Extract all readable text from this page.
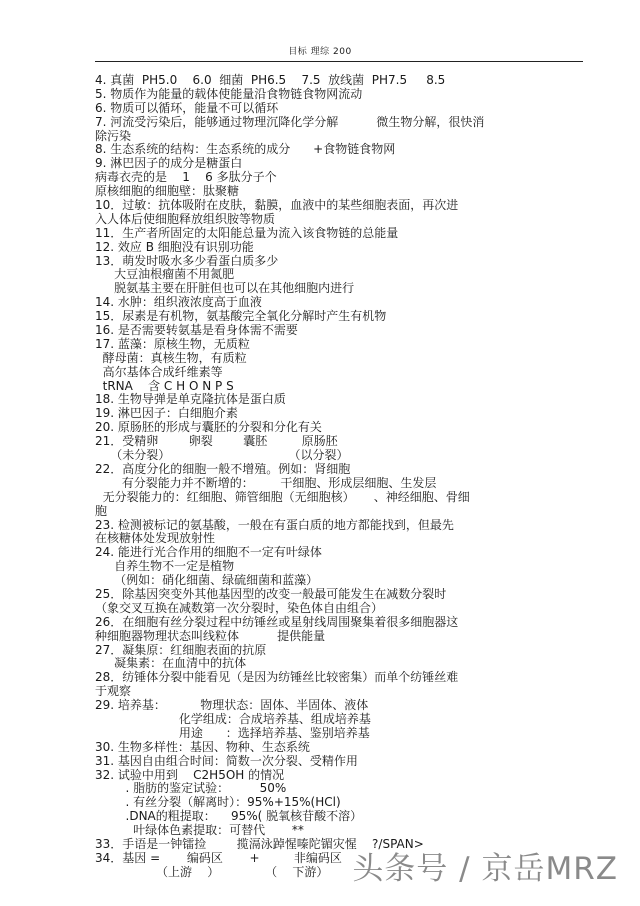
目标 理综 200
4. 真菌  PH5.0    6.0  细菌  PH6.5    7.5  放线菌  PH7.5     8.5
5. 物质作为能量的载体使能量沿食物链食物网流动
6. 物质可以循环，能量不可以循环
7. 河流受污染后，能够通过物理沉降化学分解          微生物分解，很快消
除污染
8. 生态系统的结构：生态系统的成分      +食物链食物网
9. 淋巴因子的成分是糖蛋白
病毒衣壳的是    1    6 多肽分子个
原核细胞的细胞壁：肽聚糖
10．过敏：抗体吸附在皮肤，黏膜，血液中的某些细胞表面，再次进
入人体后使细胞释放组织胺等物质
11．生产者所固定的太阳能总量为流入该食物链的总能量
12. 效应 B 细胞没有识别功能
13．萌发时吸水多少看蛋白质多少
大豆油根瘤菌不用氮肥
脱氨基主要在肝脏但也可以在其他细胞内进行
14. 水肿：组织液浓度高于血液
15．尿素是有机物，氨基酸完全氧化分解时产生有机物
16. 是否需要转氨基是看身体需不需要
17. 蓝藻：原核生物，无质粒
酵母菌：真核生物，有质粒
高尔基体合成纤维素等
tRNA    含 C H O N P S
18. 生物导弹是单克隆抗体是蛋白质
19. 淋巴因子：白细胞介素
20. 原肠胚的形成与囊胚的分裂和分化有关
21．受精卵        卵裂        囊胚         原肠胚
（未分裂）                               （以分裂）
22．高度分化的细胞一般不增殖。例如：肾细胞
有分裂能力并不断增的：       干细胞、形成层细胞、生发层
无分裂能力的：红细胞、筛管细胞（无细胞核）     、神经细胞、骨细
胞
23. 检测被标记的氨基酸，一般在有蛋白质的地方都能找到，但最先
在核糖体处发现放射性
24. 能进行光合作用的细胞不一定有叶绿体
自养生物不一定是植物
（例如：硝化细菌、绿硫细菌和蓝藻）
25．除基因突变外其他基因型的改变一般最可能发生在减数分裂时
（象交叉互换在减数第一次分裂时，染色体自由组合）
26．在细胞有丝分裂过程中纺锤丝或星射线周围聚集着很多细胞器这
种细胞器物理状态叫线粒体          提供能量
27．凝集原：红细胞表面的抗原
凝集素：在血清中的抗体
28．纺锤体分裂中能看见（是因为纺锤丝比较密集）而单个纺锤丝难
于观察
29. 培养基：         物理状态：固体、半固体、液体
化学组成：合成培养基、组成培养基
用途      ：选择培养基、鉴别培养基
30. 生物多样性：基因、物种、生态系统
31. 基因自由组合时间：简数一次分裂、受精作用
32. 试验中用到    C2H5OH 的情况
. 脂肪的鉴定试验：        50%
. 有丝分裂（解离时）：95%+15%(HCl)
.DNA的粗提取：    95%( 脱氧核苷酸不溶）
叶绿体色素提取：可替代       **
33．手语是一钟镭捡        揽滆泳踔惺嗪陀镅灾惺    ?/SPAN>
34．基因 =       编码区       +         非编码区
（上游    ）            （    下游） 头条号 / 京岳MRZ
